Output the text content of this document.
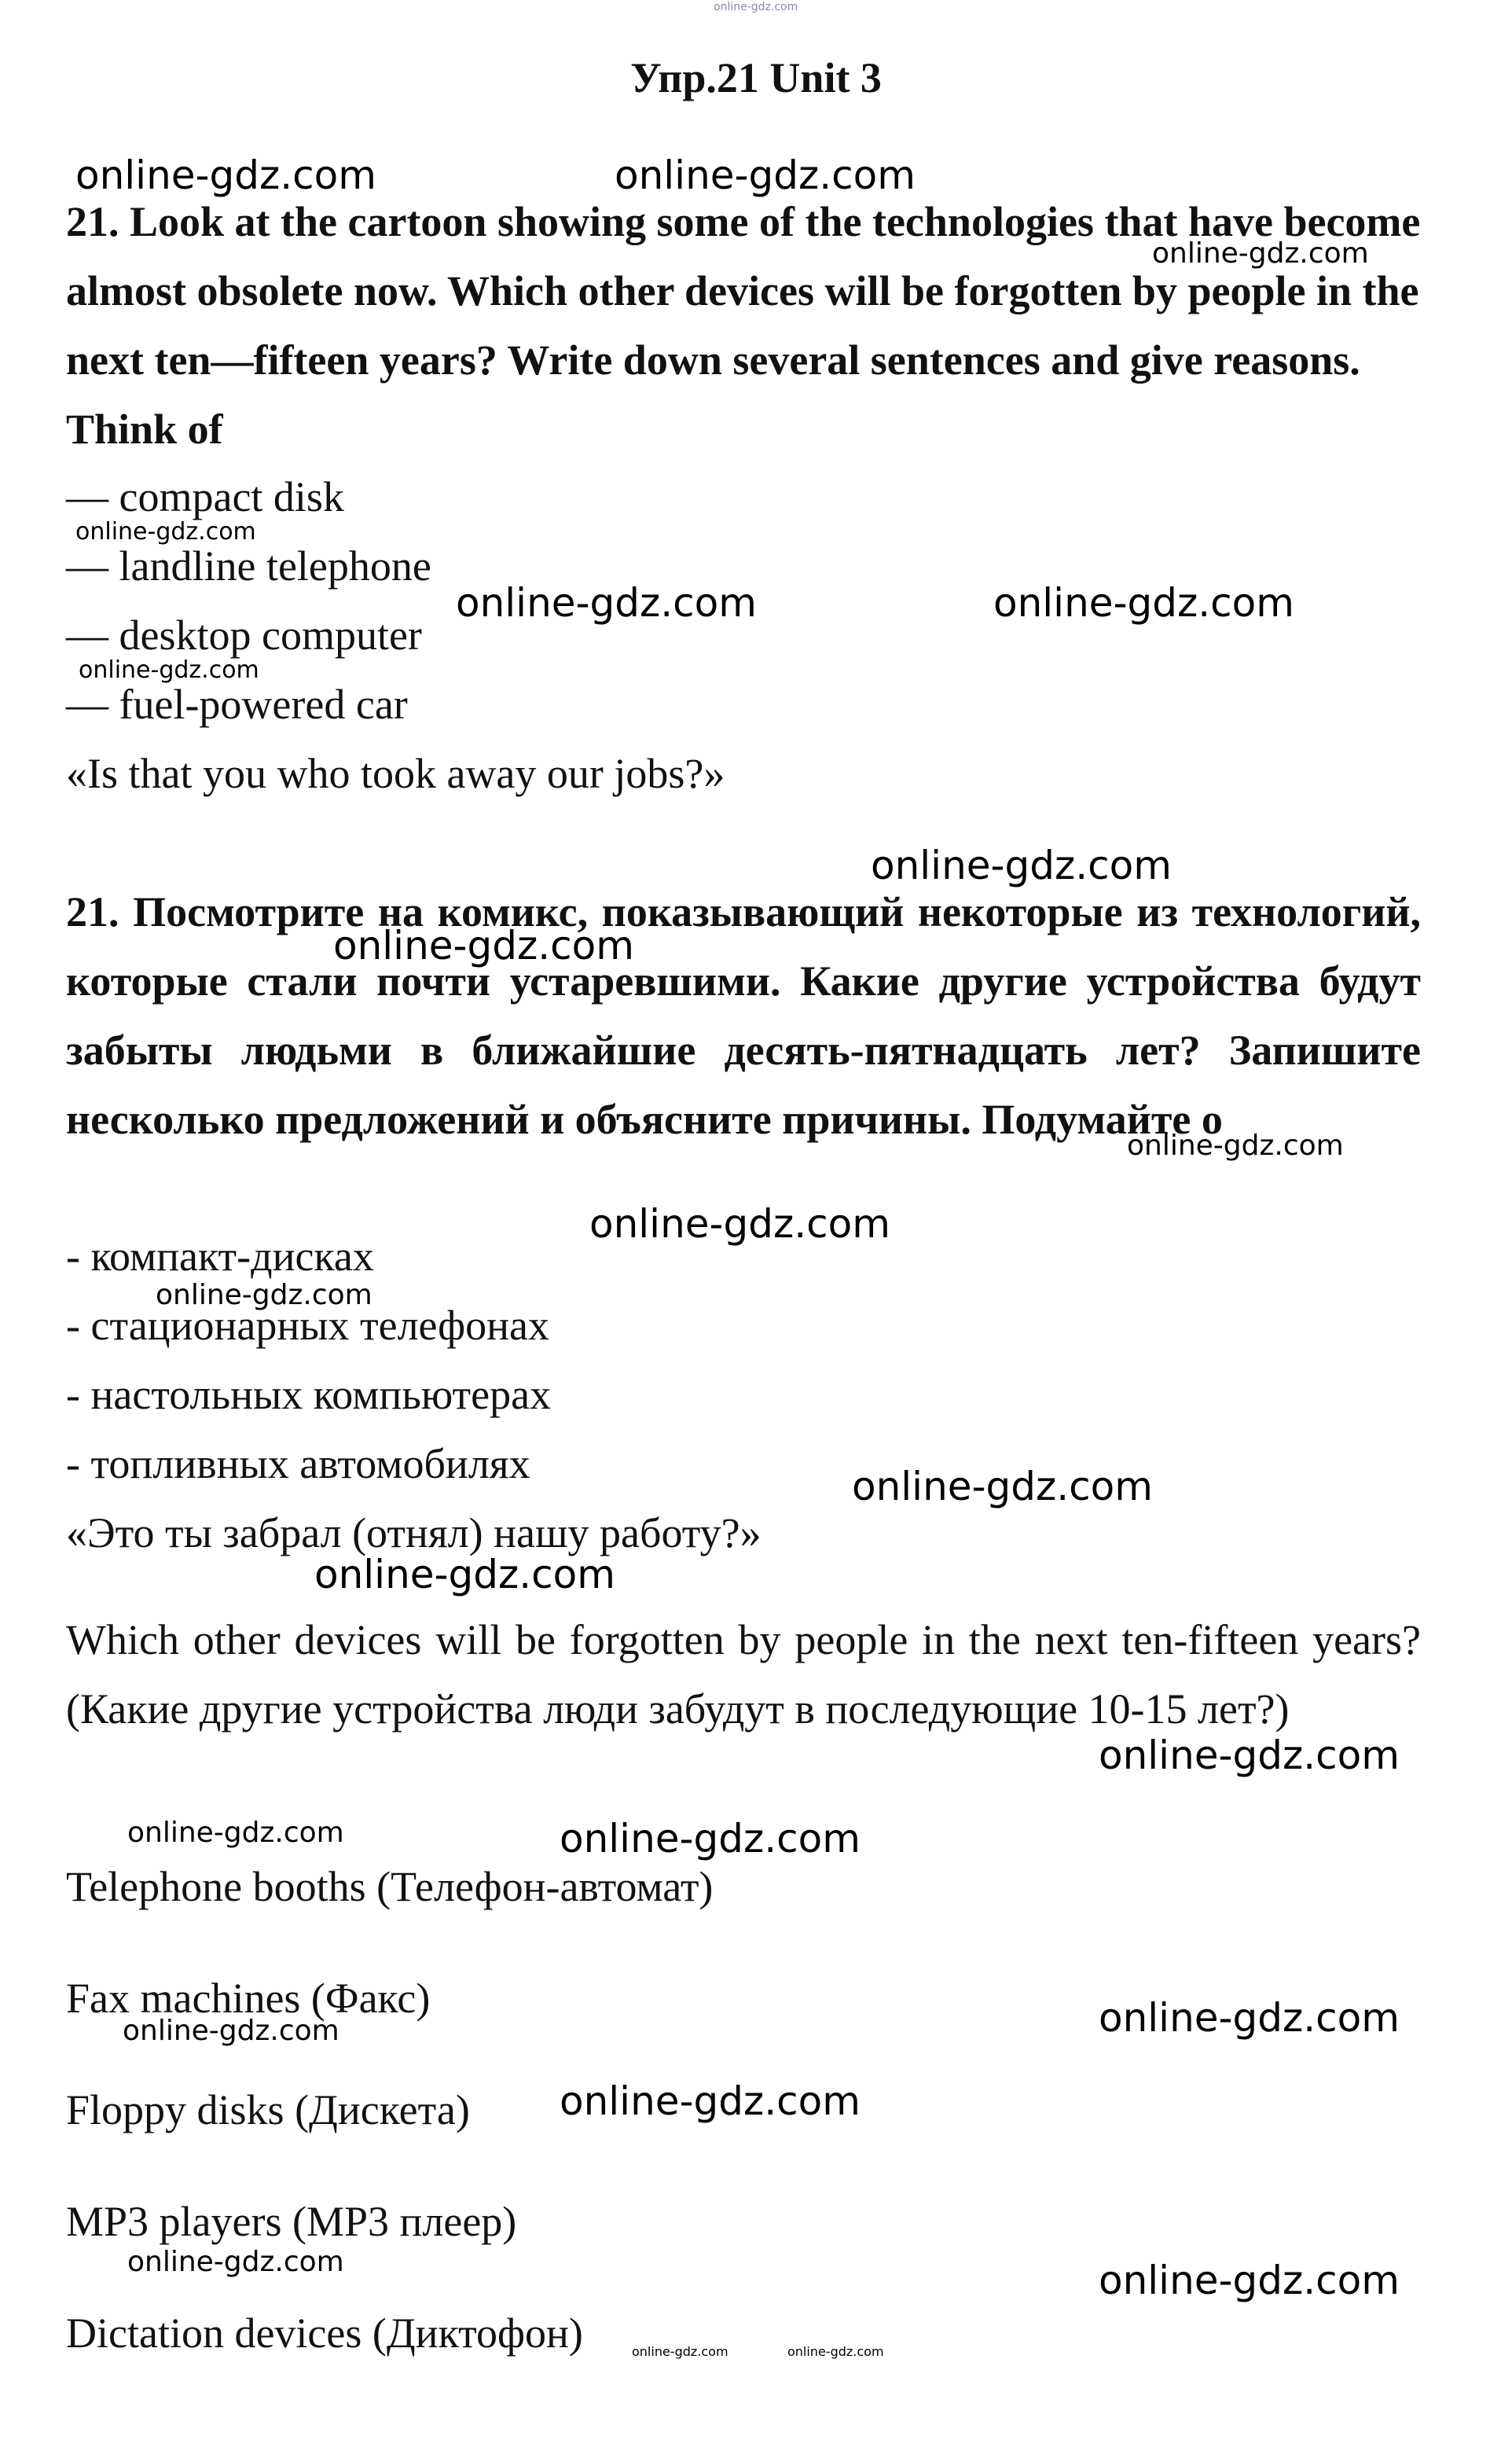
Упр.21 Unit 3

21. Look at the cartoon showing some of the technologies that have become almost obsolete now. Which other devices will be forgotten by people in the next ten—fifteen years? Write down several sentences and give reasons. Think of

— compact disk
— landline telephone
— desktop computer
— fuel-powered car
«Is that you who took away our jobs?»

21. Посмотрите на комикс, показывающий некоторые из технологий, которые стали почти устаревшими. Какие другие устройства будут забыты людьми в ближайшие десять-пятнадцать лет? Запишите несколько предложений и объясните причины. Подумайте о

- компакт-дисках
- стационарных телефонах
- настольных компьютерах
- топливных автомобилях
«Это ты забрал (отнял) нашу работу?»

Which other devices will be forgotten by people in the next ten-fifteen years? (Какие другие устройства люди забудут в последующие 10-15 лет?)

Telephone booths (Телефон-автомат)
Fax machines (Факс)
Floppy disks (Дискета)
MP3 players (MP3 плеер)
Dictation devices (Диктофон)
online-gdz.com
online-gdz.com	online-gdz.com
online-gdz.com
online-gdz.com
online-gdz.com	online-gdz.com
online-gdz.com
online-gdz.com
online-gdz.com
online-gdz.com
online-gdz.com
online-gdz.com
online-gdz.com
online-gdz.com
online-gdz.com
online-gdz.com	online-gdz.com
online-gdz.com	online-gdz.com
online-gdz.com
online-gdz.com	online-gdz.com
online-gdz.com	online-gdz.com
